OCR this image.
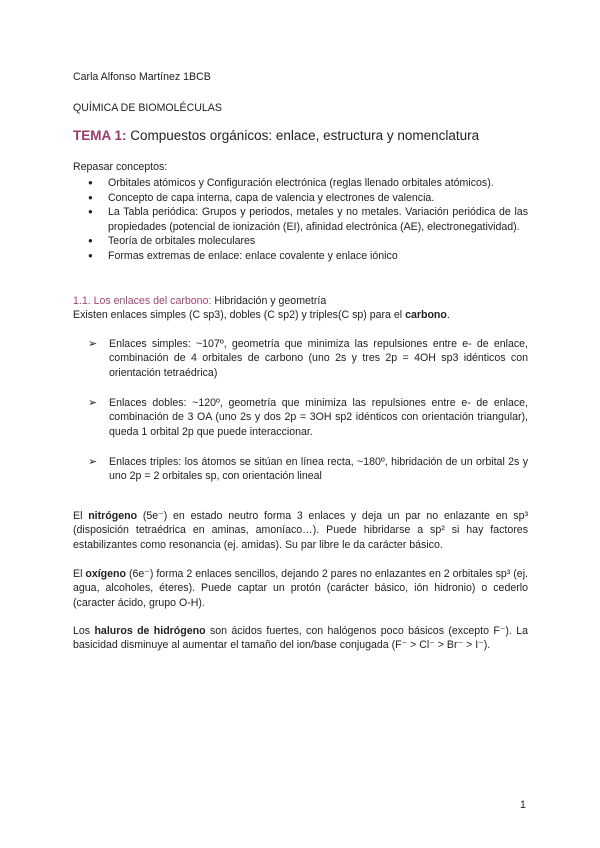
Carla Alfonso Martínez 1BCB
QUÍMICA DE BIOMOLÉCULAS
TEMA 1: Compuestos orgánicos: enlace, estructura y nomenclatura
Repasar conceptos:
● Orbitales atómicos y Configuración electrónica (reglas llenado orbitales atómicos).
● Concepto de capa interna, capa de valencia y electrones de valencia.
● La Tabla periódica: Grupos y periodos, metales y no metales. Variación periódica de las propiedades (potencial de ionización (EI), afinidad electrónica (AE), electronegatividad).
● Teoría de orbitales moleculares
● Formas extremas de enlace: enlace covalente y enlace iónico
1.1. Los enlaces del carbono: Hibridación y geometría
Existen enlaces simples (C sp3), dobles (C sp2) y triples(C sp) para el carbono.
➢ Enlaces simples: ~107º, geometría que minimiza las repulsiones entre e- de enlace, combinación de 4 orbitales de carbono (uno 2s y tres 2p = 4OH sp3 idénticos con orientación tetraédrica)
➢ Enlaces dobles: ~120º, geometría que minimiza las repulsiones entre e- de enlace, combinación de 3 OA (uno 2s y dos 2p = 3OH sp2 idénticos con orientación triangular), queda 1 orbital 2p que puede interaccionar.
➢ Enlaces triples: los átomos se sitúan en línea recta, ~180º, hibridación de un orbital 2s y uno 2p = 2 orbitales sp, con orientación lineal
El nitrógeno (5e⁻) en estado neutro forma 3 enlaces y deja un par no enlazante en sp³ (disposición tetraédrica en aminas, amoníaco…). Puede hibridarse a sp² si hay factores estabilizantes como resonancia (ej. amidas). Su par libre le da carácter básico.
El oxígeno (6e⁻) forma 2 enlaces sencillos, dejando 2 pares no enlazantes en 2 orbitales sp³ (ej. agua, alcoholes, éteres). Puede captar un protón (carácter básico, ión hidronio) o cederlo (caracter ácido, grupo O-H).
Los haluros de hidrógeno son ácidos fuertes, con halógenos poco básicos (excepto F⁻). La basicidad disminuye al aumentar el tamaño del ion/base conjugada (F⁻ > Cl⁻ > Br⁻ > I⁻).
1
